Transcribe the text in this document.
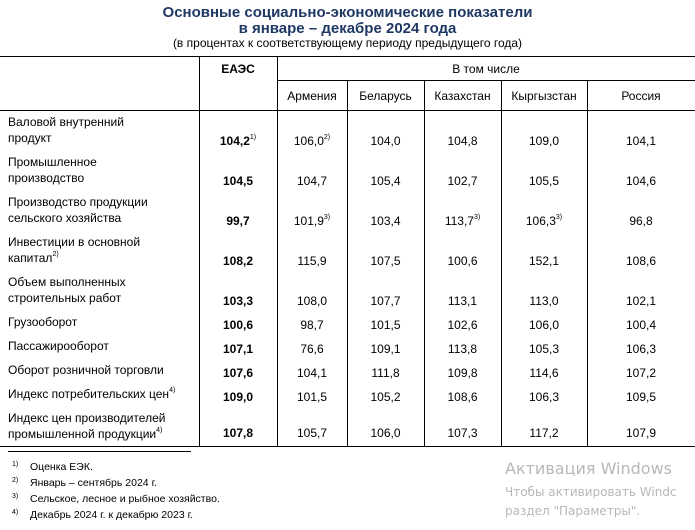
Основные социально-экономические показатели
в январе – декабре 2024 года
(в процентах к соответствующему периоду предыдущего года)
ЕАЭС	В том числе
Армения	Беларусь	Казахстан	Кыргызстан	Россия
Валовой внутренний
продукт	104,2$^{1)}$	106,0$^{2)}$	104,0	104,8	109,0	104,1
Промышленное
производство	104,5	104,7	105,4	102,7	105,5	104,6
Производство продукции
сельского хозяйства	99,7	101,9$^{3)}$	103,4	113,7$^{3)}$	106,3$^{3)}$	96,8
Инвестиции в основной
капитал$^{2)}$	108,2	115,9	107,5	100,6	152,1	108,6
Объем выполненных
строительных работ	103,3	108,0	107,7	113,1	113,0	102,1
Грузооборот	100,6	98,7	101,5	102,6	106,0	100,4
Пассажирооборот	107,1	76,6	109,1	113,8	105,3	106,3
Оборот розничной торговли	107,6	104,1	111,8	109,8	114,6	107,2
Индекс потребительских цен$^{4)}$	109,0	101,5	105,2	108,6	106,3	109,5
Индекс цен производителей
промышленной продукции$^{4)}$	107,8	105,7	106,0	107,3	117,2	107,9
1) Оценка ЕЭК.
2) Январь – сентябрь 2024 г.
3) Сельское, лесное и рыбное хозяйство.
4) Декабрь 2024 г. к декабрю 2023 г.
Активация Windows
Чтобы активировать Windc
раздел "Параметры".
